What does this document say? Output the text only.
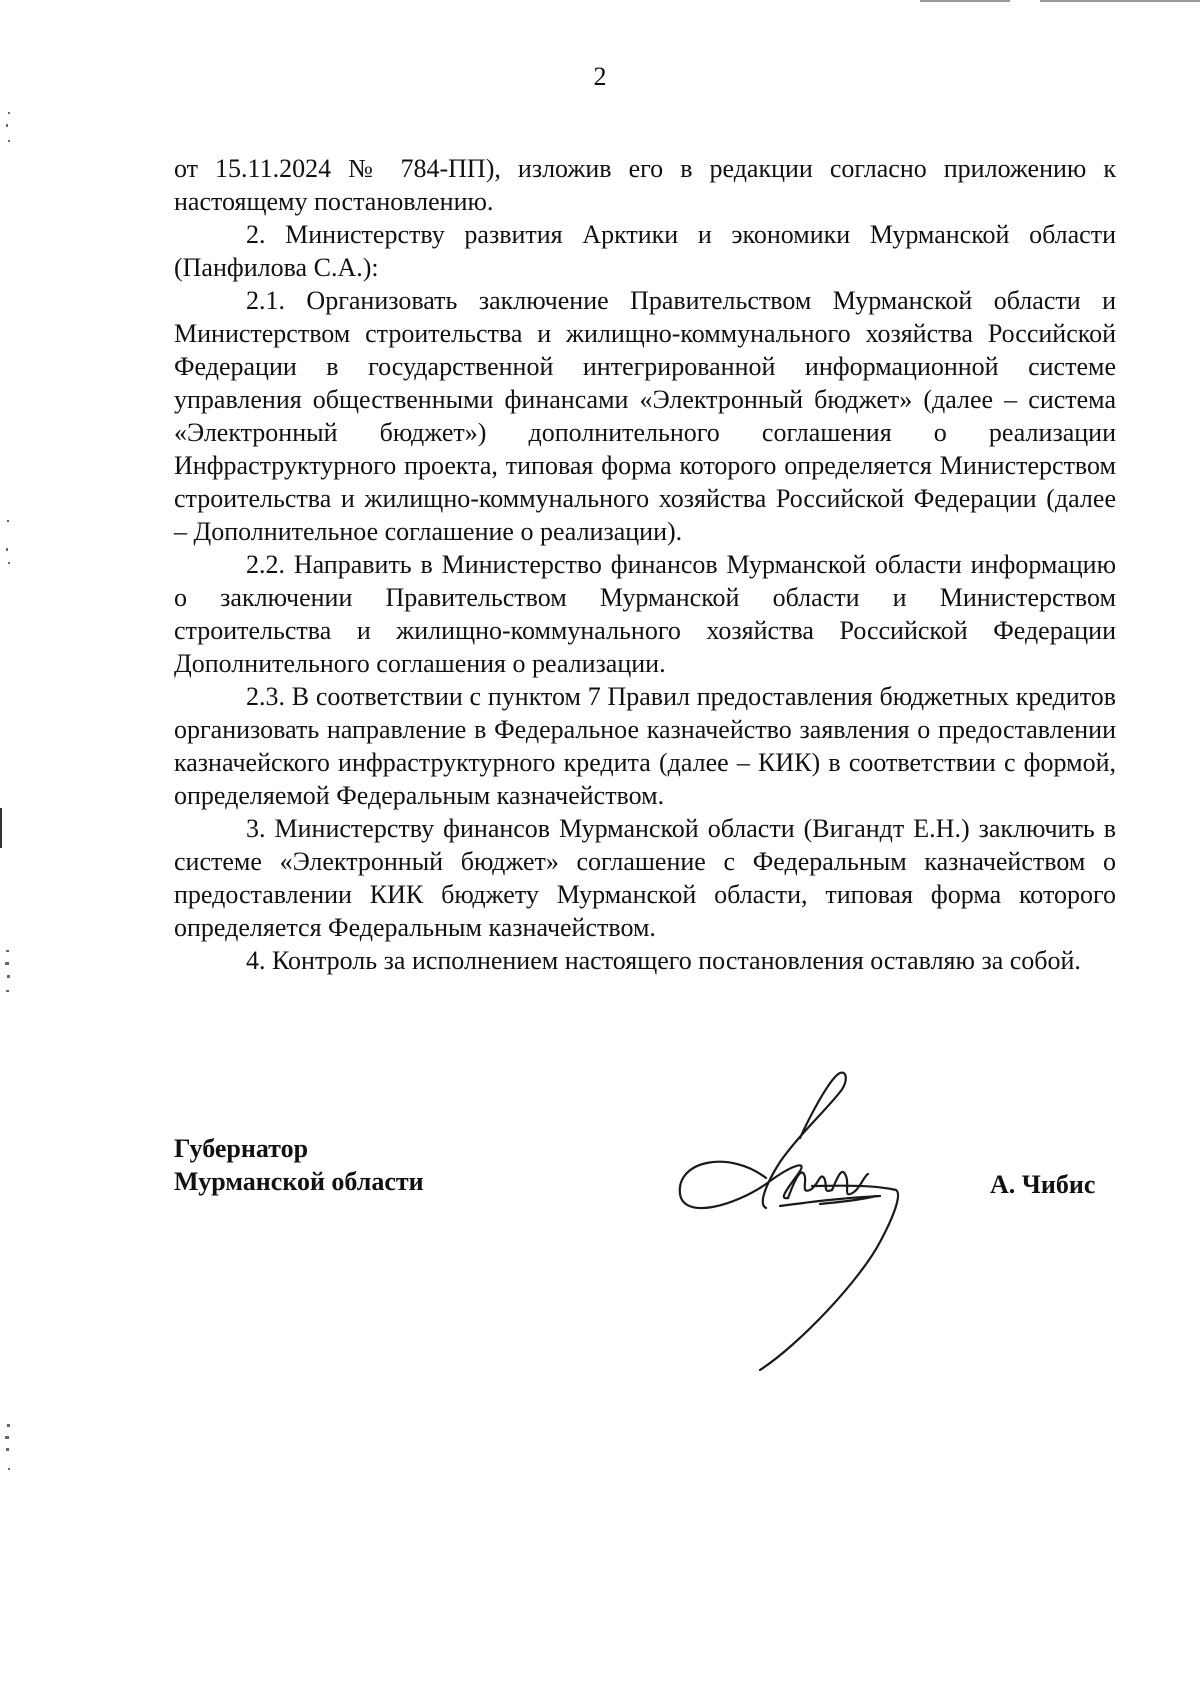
2

от 15.11.2024 № 784-ПП), изложив его в редакции согласно приложению к настоящему постановлению.

2. Министерству развития Арктики и экономики Мурманской области (Панфилова С.А.):

2.1. Организовать заключение Правительством Мурманской области и Министерством строительства и жилищно-коммунального хозяйства Российской Федерации в государственной интегрированной информационной системе управления общественными финансами «Электронный бюджет» (далее – система «Электронный бюджет») дополнительного соглашения о реализации Инфраструктурного проекта, типовая форма которого определяется Министерством строительства и жилищно-коммунального хозяйства Российской Федерации (далее – Дополнительное соглашение о реализации).

2.2. Направить в Министерство финансов Мурманской области информацию о заключении Правительством Мурманской области и Министерством строительства и жилищно-коммунального хозяйства Российской Федерации Дополнительного соглашения о реализации.

2.3. В соответствии с пунктом 7 Правил предоставления бюджетных кредитов организовать направление в Федеральное казначейство заявления о предоставлении казначейского инфраструктурного кредита (далее – КИК) в соответствии с формой, определяемой Федеральным казначейством.

3. Министерству финансов Мурманской области (Вигандт Е.Н.) заключить в системе «Электронный бюджет» соглашение с Федеральным казначейством о предоставлении КИК бюджету Мурманской области, типовая форма которого определяется Федеральным казначейством.

4. Контроль за исполнением настоящего постановления оставляю за собой.

Губернатор
Мурманской области	А. Чибис
